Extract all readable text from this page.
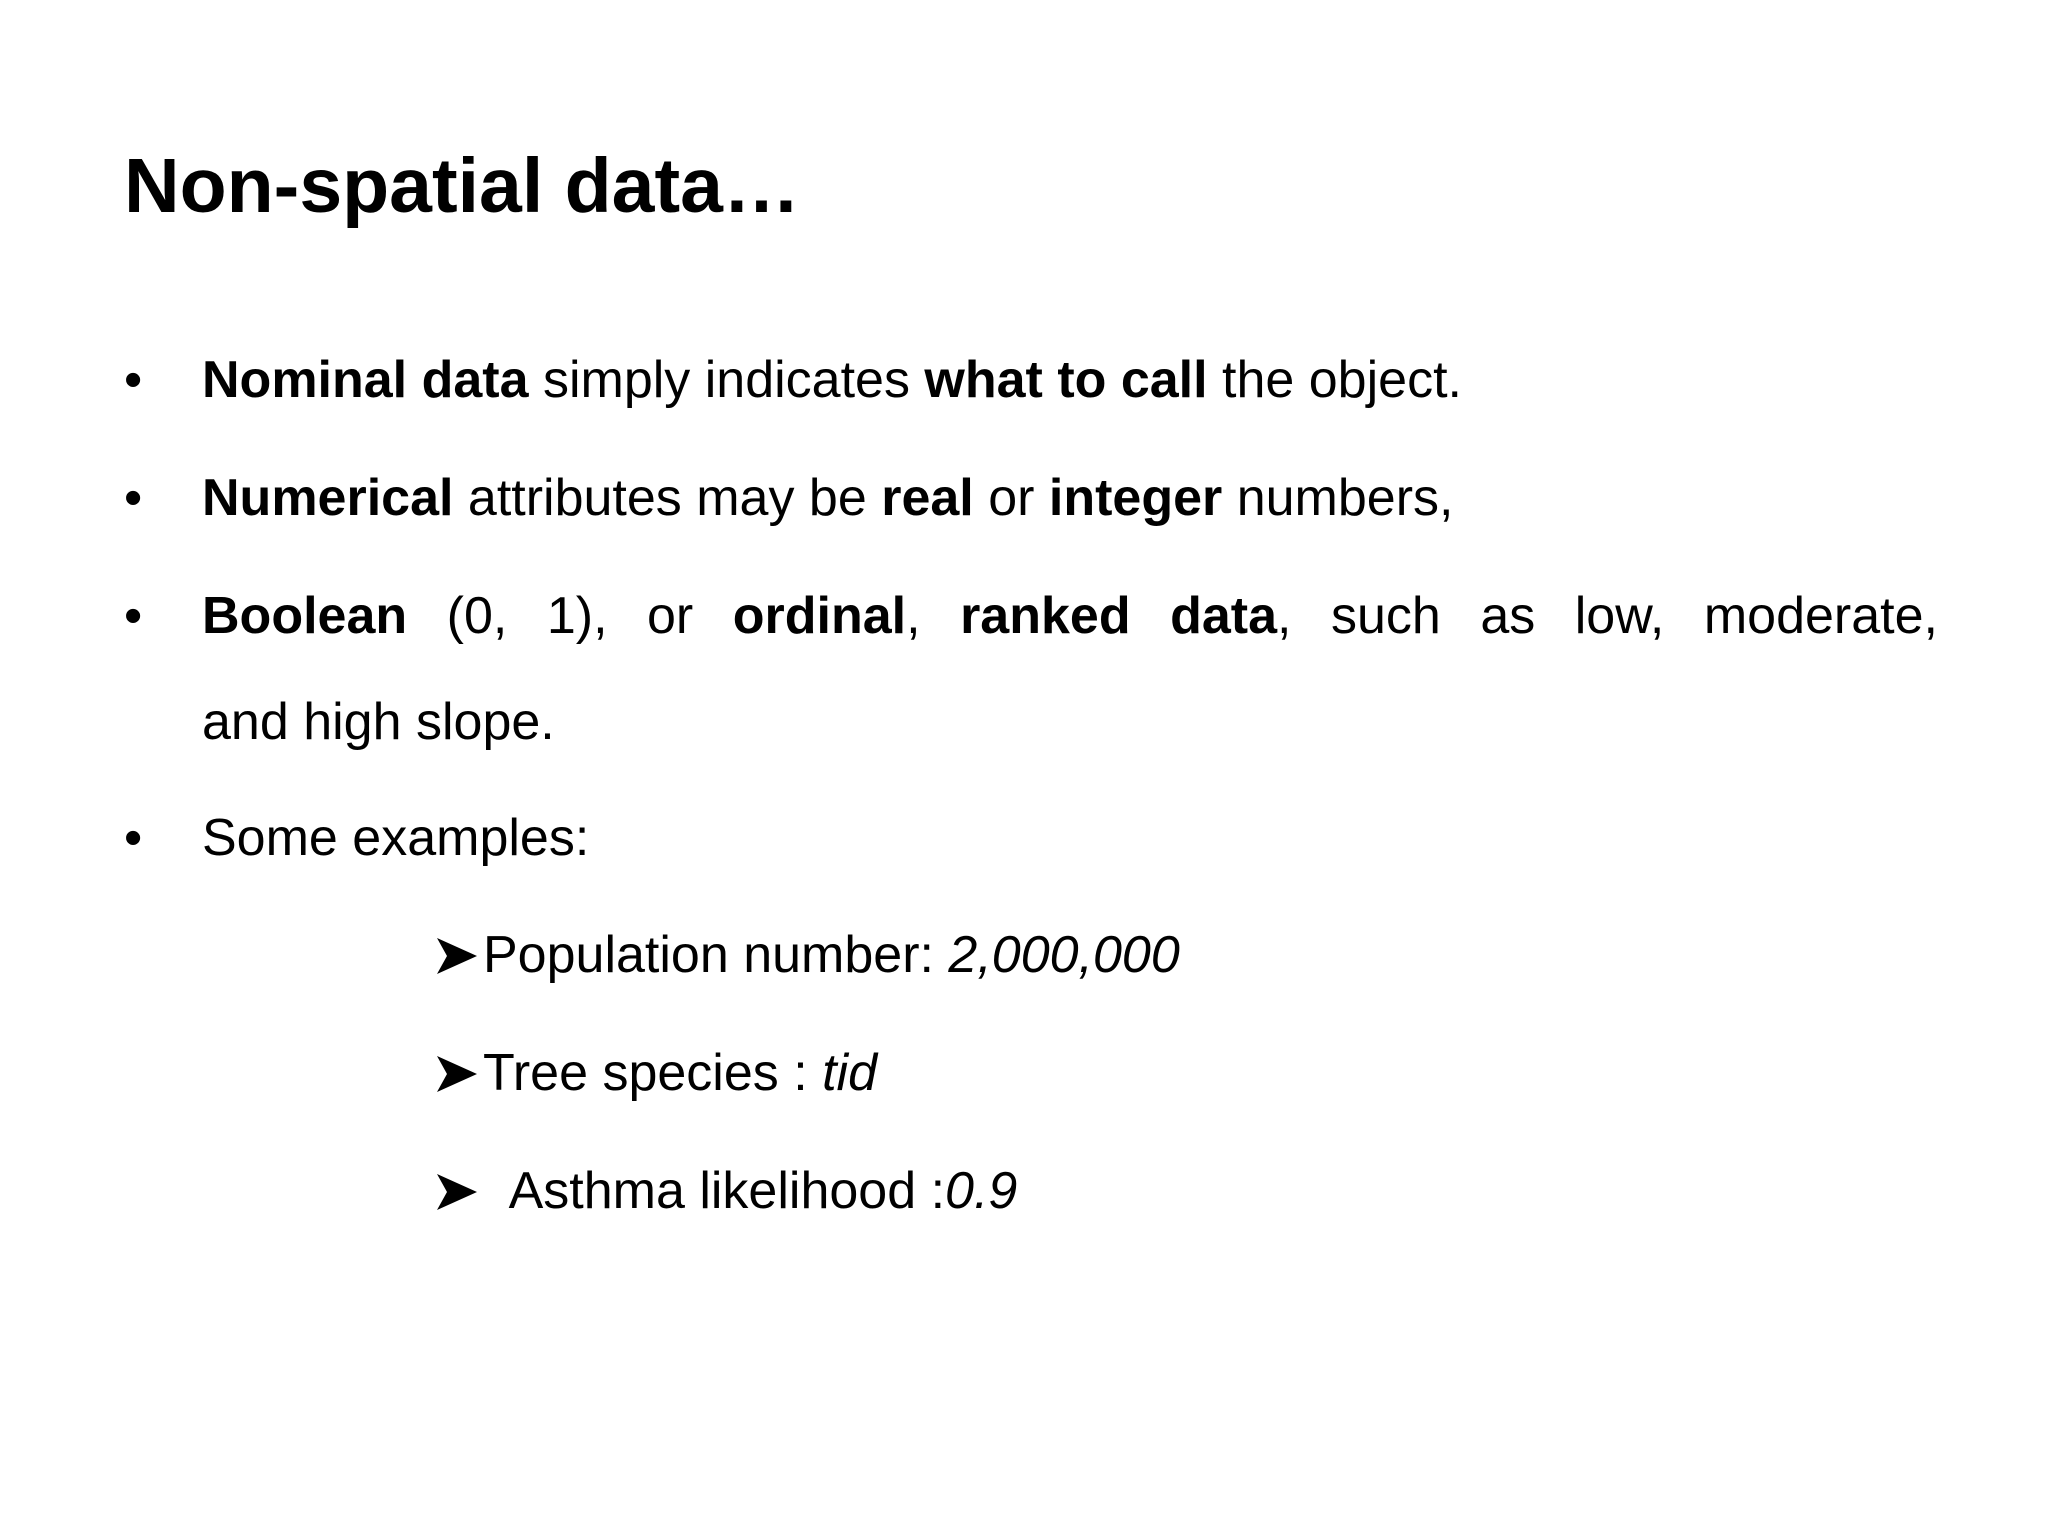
Non-spatial data…
• Nominal data simply indicates what to call the object.
• Numerical attributes may be real or integer numbers,
• Boolean (0, 1), or ordinal, ranked data, such as low, moderate,
and high slope.
• Some examples:
Population number: 2,000,000
Tree species : tid
Asthma likelihood :0.9
